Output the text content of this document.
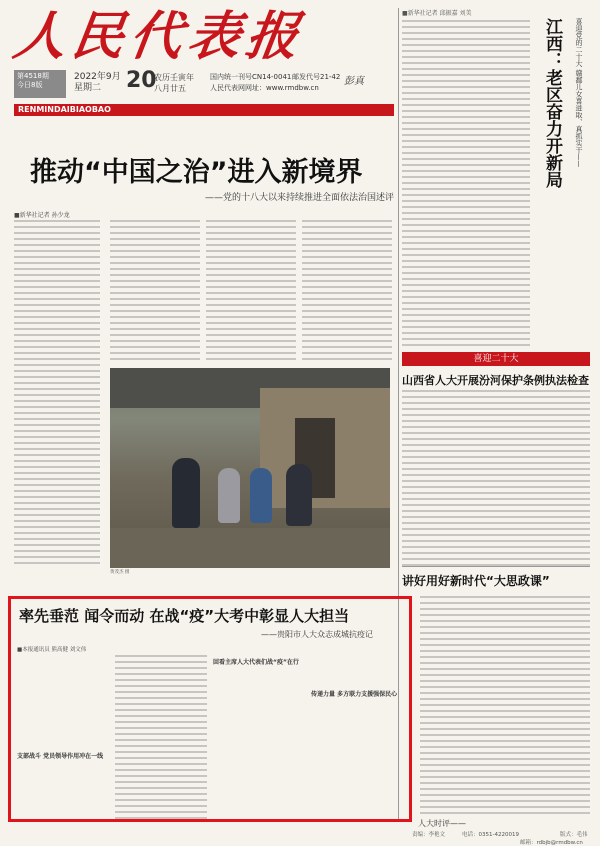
人民代表报
第4518期
今日8版
2022年9月
星期二	20
农历壬寅年
八月廿五
国内统一刊号CN14-0041
人民代表网网址：www.rmdbw.cn
邮发代号21-42 彭真
RENMINDAIBIAOBAO
■新华社记者 邱振嘉 刘美
喜迎党的二十大 赣鄱儿女喜进取、真抓实干——
江西：老区奋力开新局
喜迎二十大
山西省人大开展汾河保护条例执法检查
讲好用好新时代“大思政课”
推动“中国之治”进入新境界
——党的十八大以来持续推进全面依法治国述评
■新华社记者 孙少龙
黄茂杰 摄
率先垂范 闻令而动 在战“疫”大考中彰显人大担当
——贵阳市人大众志成城抗疫记
■本报通讯员 熊高健 刘文伟
支部战斗 党员领导作用冲在一线
回看主席人大代表们战“疫”在行
传递力量 多方联力支援强保民心
人大时评——
责编：李艳文	电话：0351-4220019
邮箱：rdbjb@rmdbw.cn
版式：毛伟
